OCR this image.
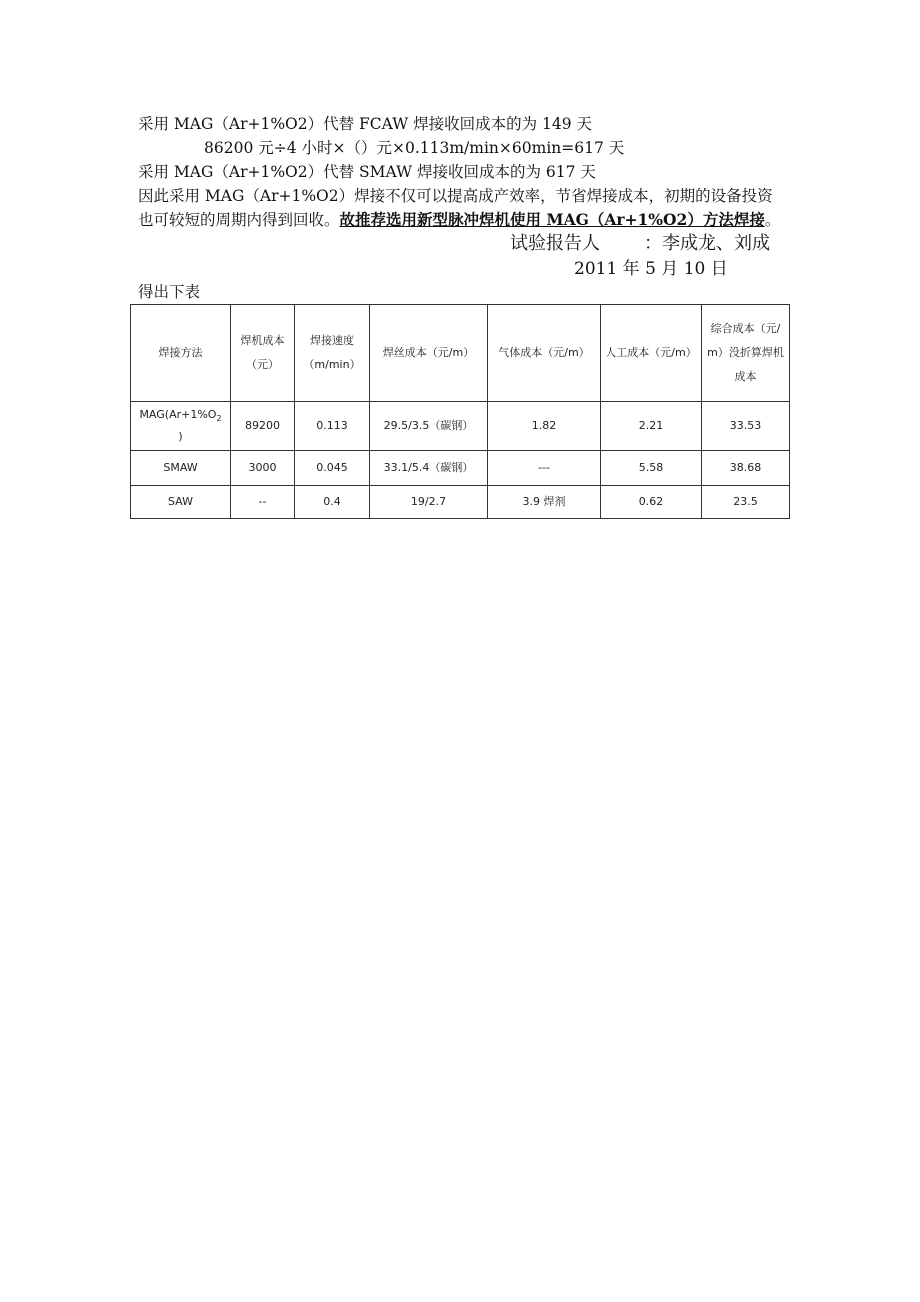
采用 MAG（Ar+1%O2）代替 FCAW 焊接收回成本的为 149 天
86200 元÷4 小时×（）元×0.113m/min×60min=617 天
采用 MAG（Ar+1%O2）代替 SMAW 焊接收回成本的为 617 天
因此采用 MAG（Ar+1%O2）焊接不仅可以提高成产效率，节省焊接成本，初期的设备投资
也可较短的周期内得到回收。故推荐选用新型脉冲焊机使用 MAG（Ar+1%O2）方法焊接。
试验报告人 ：李成龙、刘成
2011 年 5 月 10 日
得出下表
焊接方法	焊机成本（元）	焊接速度（m/min）	焊丝成本（元/m）	气体成本（元/m）	人工成本（元/m）	综合成本（元/m）没折算焊机成本
$MAG(Ar+1\%O_2$
)	89200	0.113	29.5/3.5（碳钢）	1.82	2.21	33.53
SMAW	3000	0.045	33.1/5.4（碳钢）	---	5.58	38.68
SAW	--	0.4	19/2.7	3.9 焊剂	0.62	23.5
